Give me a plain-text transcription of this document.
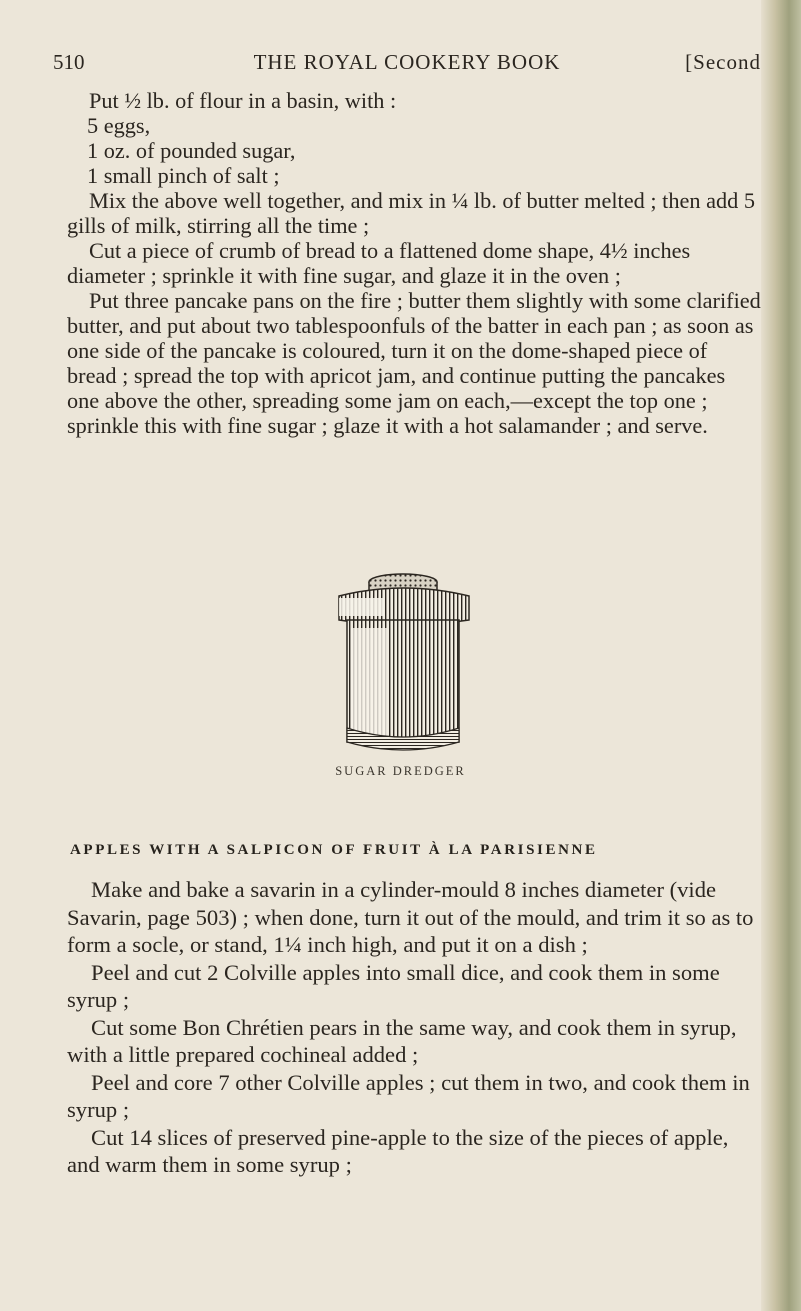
510	THE ROYAL COOKERY BOOK	[Second

Put ½ lb. of flour in a basin, with :

5 eggs,

1 oz. of pounded sugar,

1 small pinch of salt ;

Mix the above well together, and mix in ¼ lb. of butter melted ; then add 5 gills of milk, stirring all the time ;

Cut a piece of crumb of bread to a flattened dome shape, 4½ inches diameter ; sprinkle it with fine sugar, and glaze it in the oven ;

Put three pancake pans on the fire ; butter them slightly with some clarified butter, and put about two tablespoonfuls of the batter in each pan ; as soon as one side of the pancake is coloured, turn it on the dome-shaped piece of bread ; spread the top with apricot jam, and continue putting the pancakes one above the other, spreading some jam on each,—except the top one ; sprinkle this with fine sugar ; glaze it with a hot salamander ; and serve.

SUGAR DREDGER
APPLES WITH A SALPICON OF FRUIT À LA PARISIENNE

Make and bake a savarin in a cylinder-mould 8 inches diameter (vide Savarin, page 503) ; when done, turn it out of the mould, and trim it so as to form a socle, or stand, 1¼ inch high, and put it on a dish ;

Peel and cut 2 Colville apples into small dice, and cook them in some syrup ;

Cut some Bon Chrétien pears in the same way, and cook them in syrup, with a little prepared cochineal added ;

Peel and core 7 other Colville apples ; cut them in two, and cook them in syrup ;

Cut 14 slices of preserved pine-apple to the size of the pieces of apple, and warm them in some syrup ;
